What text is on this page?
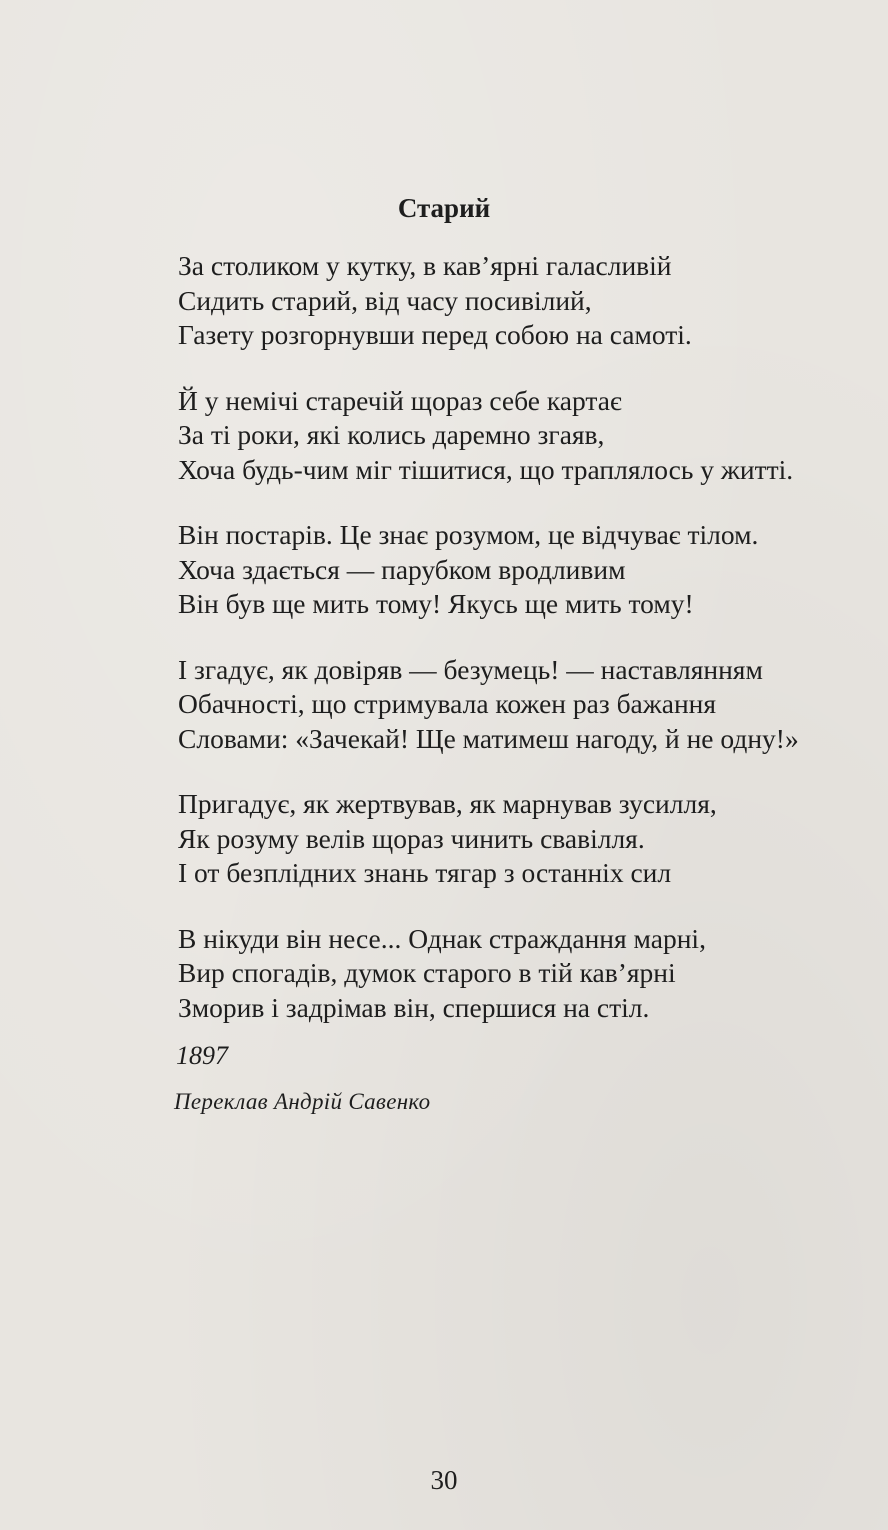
Старий
За столиком у кутку, в кав’ярні галасливій
Сидить старий, від часу посивілий,
Газету розгорнувши перед собою на самоті.
Й у немічі старечій щораз себе картає
За ті роки, які колись даремно згаяв,
Хоча будь-чим міг тішитися, що траплялось у житті.
Він постарів. Це знає розумом, це відчуває тілом.
Хоча здається — парубком вродливим
Він був ще мить тому! Якусь ще мить тому!
І згадує, як довіряв — безумець! — наставлянням
Обачності, що стримувала кожен раз бажання
Словами: «Зачекай! Ще матимеш нагоду, й не одну!»
Пригадує, як жертвував, як марнував зусилля,
Як розуму велів щораз чинить свавілля.
І от безплідних знань тягар з останніх сил
В нікуди він несе... Однак страждання марні,
Вир спогадів, думок старого в тій кав’ярні
Зморив і задрімав він, спершися на стіл.
1897
Переклав Андрій Савенко
30
